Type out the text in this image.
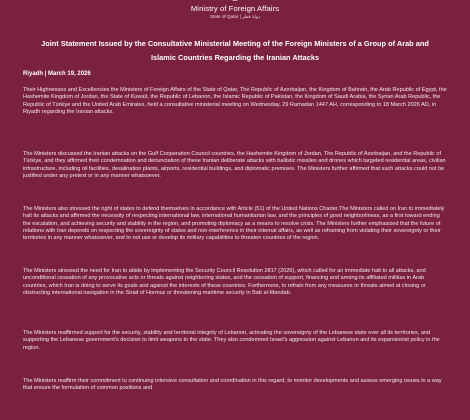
Ministry of Foreign Affairs
State of Qatar | دولة قطر
Joint Statement Issued by the Consultative Ministerial Meeting of the Foreign Ministers of a Group of Arab and Islamic Countries Regarding the Iranian Attacks
Riyadh | March 19, 2026

Their Highnesses and Excellencies the Ministers of Foreign Affairs of the State of Qatar, The Republic of Azerbaijan, the Kingdom of Bahrain, the Arab Republic of Egypt, the Hashemite Kingdom of Jordan, the State of Kuwait, the Republic of Lebanon, the Islamic Republic of Pakistan, the Kingdom of Saudi Arabia, the Syrian Arab Republic, the Republic of Türkiye and the United Arab Emirates, held a consultative ministerial meeting on Wednesday, 29 Ramadan 1447 AH, corresponding to 18 March 2026 AD, in Riyadh regarding the Iranian attacks.

The Ministers discussed the Iranian attacks on the Gulf Cooperation Council countries, the Hashemite Kingdom of Jordan, The Republic of Azerbaijan, and the Republic of Türkiye, and they affirmed their condemnation and denunciation of these Iranian deliberate attacks with ballistic missiles and drones which targeted residential areas, civilian infrastructure, including oil facilities, desalination plants, airports, residential buildings, and diplomatic premises. The Ministers further affirmed that such attacks could not be justified under any pretext or in any manner whatsoever.

The Ministers also stressed the right of states to defend themselves in accordance with Article (51) of the United Nations Charter.The Ministers called on Iran to immediately halt its attacks and affirmed the necessity of respecting international law, international humanitarian law, and the principles of good neighborliness, as a first toward ending the escalation, and achieving security and stability in the region, and promoting diplomacy as a means to resolve crisis. The Ministers further emphasized that the future of relations with Iran depends on respecting the sovereignty of states and non-interference in their internal affairs, as well as refraining from violating their sovereignty or their territories in any manner whatsoever, and to not use or develop its military capabilities to threaten countries of the region.

The Ministers stressed the need for Iran to abide by implementing the Security Council Resolution 2817 (2026), which called for an immediate halt to all attacks, and unconditional cessation of any provocative acts or threats against neighboring states, and the cessation of support, financing and arming its affiliated militias in Arab countries, which Iran is doing to serve its goals and against the interests of these countries. Furthermore, to refrain from any measures or threats aimed at closing or obstructing international navigation in the Strait of Hormuz or threatening maritime security in Bab al-Mandab.

The Ministers reaffirmed support for the security, stability and territorial integrity of Lebanon, activating the sovereignty of the Lebanese state over all its territories, and supporting the Lebanese government's decision to limit weapons to the state. They also condemned Israel's aggression against Lebanon and its expansionist policy in the region.

The Ministers reaffirm their commitment to continuing intensive consultation and coordination in this regard, to monitor developments and assess emerging issues in a way that ensure the formulation of common positions and
